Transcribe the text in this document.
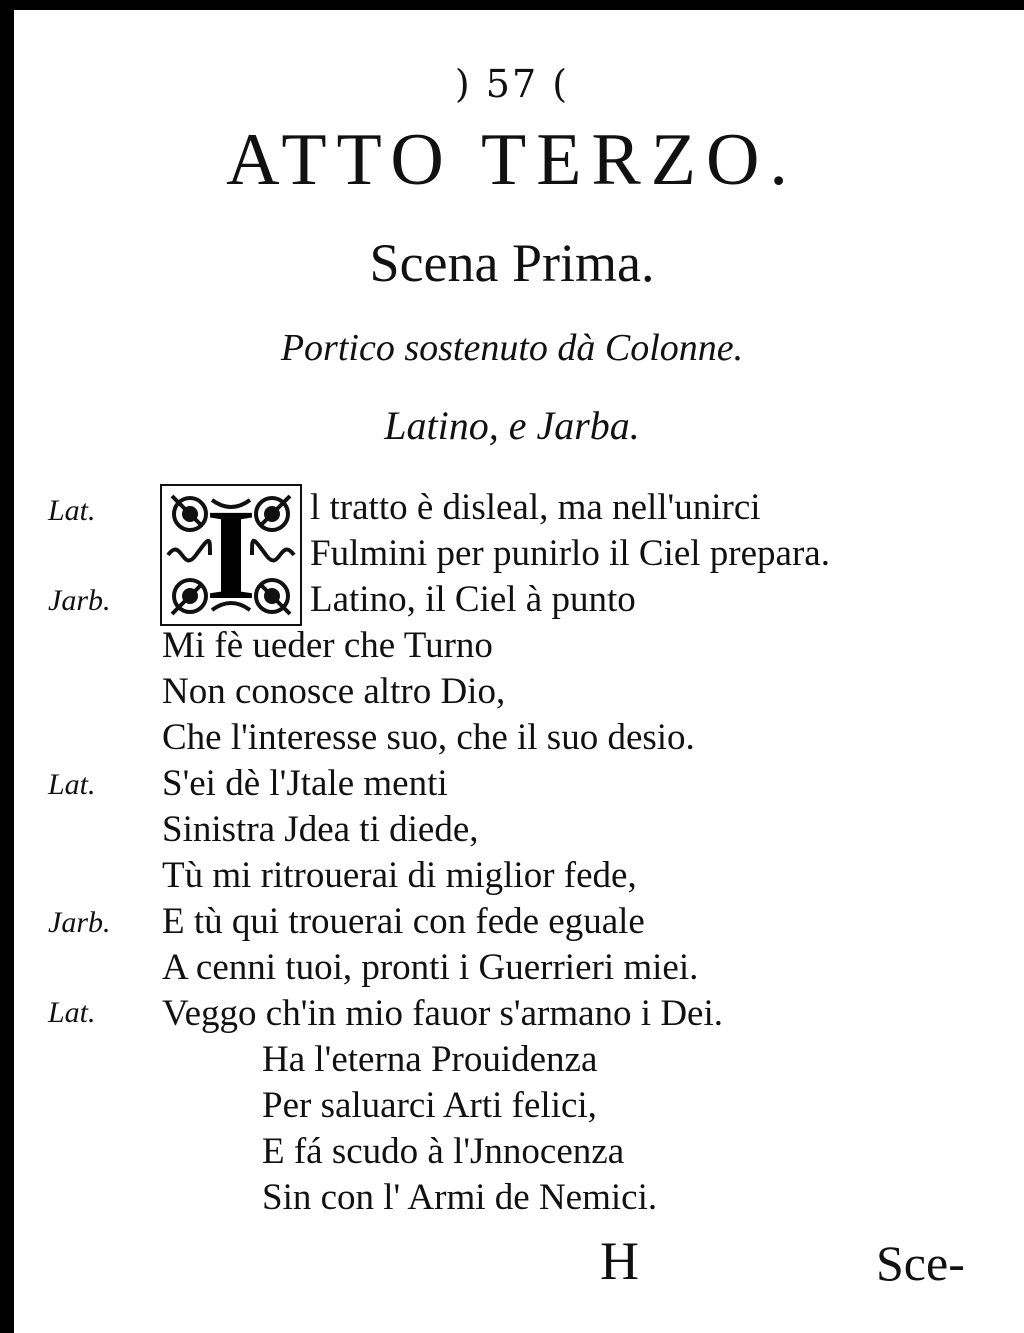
) 57 (
ATTO TERZO.
Scena Prima.
Portico sostenuto dà Colonne.
Latino, e Jarba.
I
Lat.
Jarb.
Lat.
Jarb.
Lat.
l tratto è disleal, ma nell'unirci
Fulmini per punirlo il Ciel prepara.
Latino, il Ciel à punto
Mi fè ueder che Turno
Non conosce altro Dio,
Che l'interesse suo, che il suo desio.
S'ei dè l'Jtale menti
Sinistra Jdea ti diede,
Tù mi ritrouerai di miglior fede,
E tù qui trouerai con fede eguale
A cenni tuoi, pronti i Guerrieri miei.
Veggo ch'in mio fauor s'armano i Dei.
Ha l'eterna Prouidenza
Per saluarci Arti felici,
E fá scudo à l'Jnnocenza
Sin con l' Armi de Nemici.
H	Sce-
